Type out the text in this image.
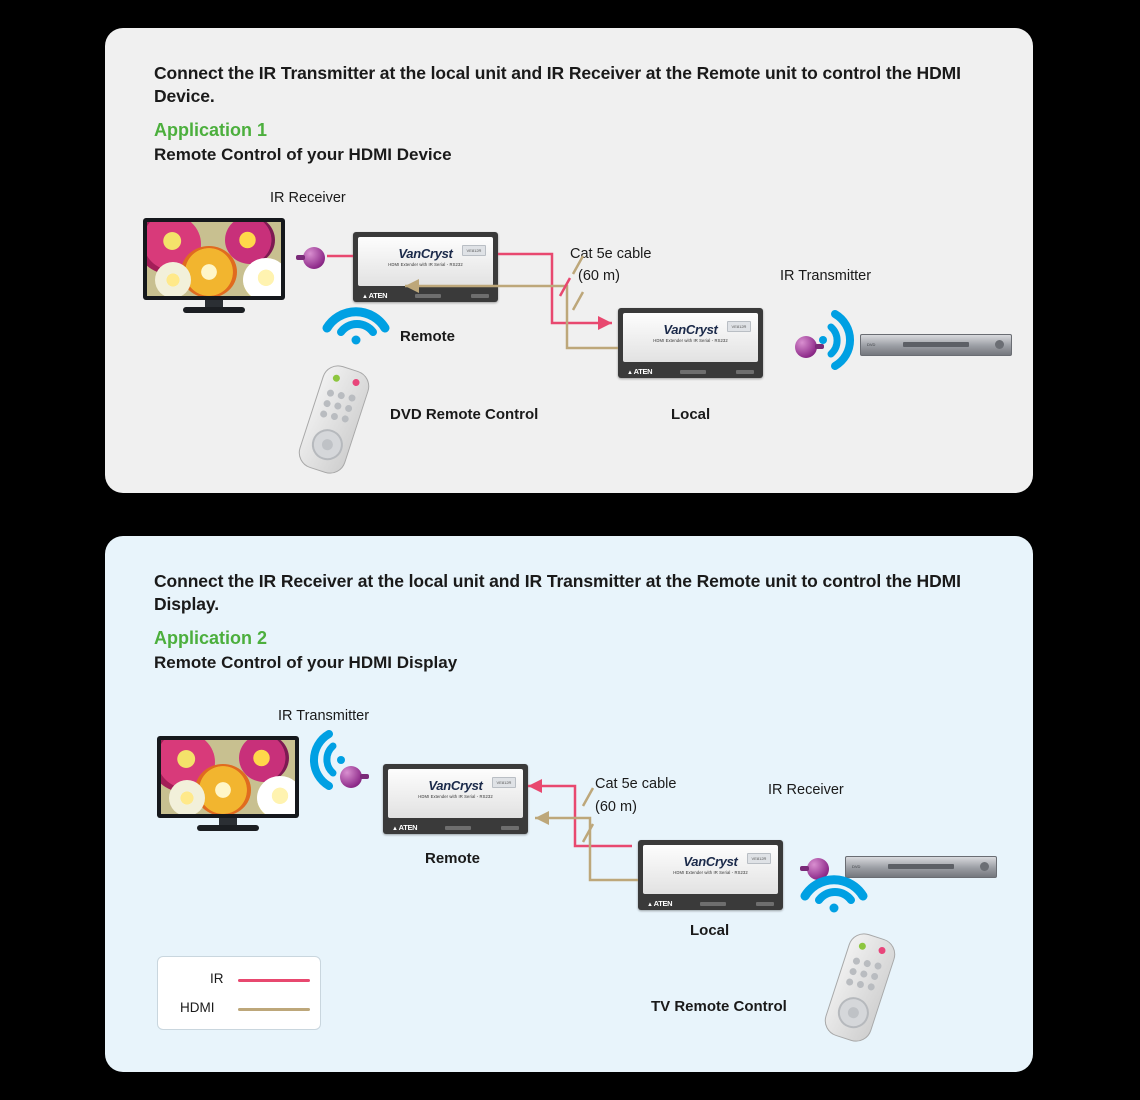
Connect the IR Transmitter at the local unit and IR Receiver at the Remote unit to control the HDMI Device.
Application 1
Remote Control of your HDMI Device
IR Receiver
VanCryst
HDMI Extender with IR Serial - RS232
VE812R
▲ ATEN
Remote	VanCryst
HDMI Extender with IR Serial - RS232
VE812R
▲ ATEN
Local
IR Transmitter
DVD
DVD Remote Control
Cat 5e cable
(60 m)
Connect the IR Receiver at the local unit and IR Transmitter at the Remote unit to control the HDMI Display.
Application 2
Remote Control of your HDMI Display
IR Transmitter
VanCryst
HDMI Extender with IR Serial - RS232
VE812R
▲ ATEN
Remote	VanCryst
HDMI Extender with IR Serial - RS232
VE812R
▲ ATEN
Local
IR Receiver
DVD
TV Remote Control
Cat 5e cable
(60 m)
IR
HDMI
